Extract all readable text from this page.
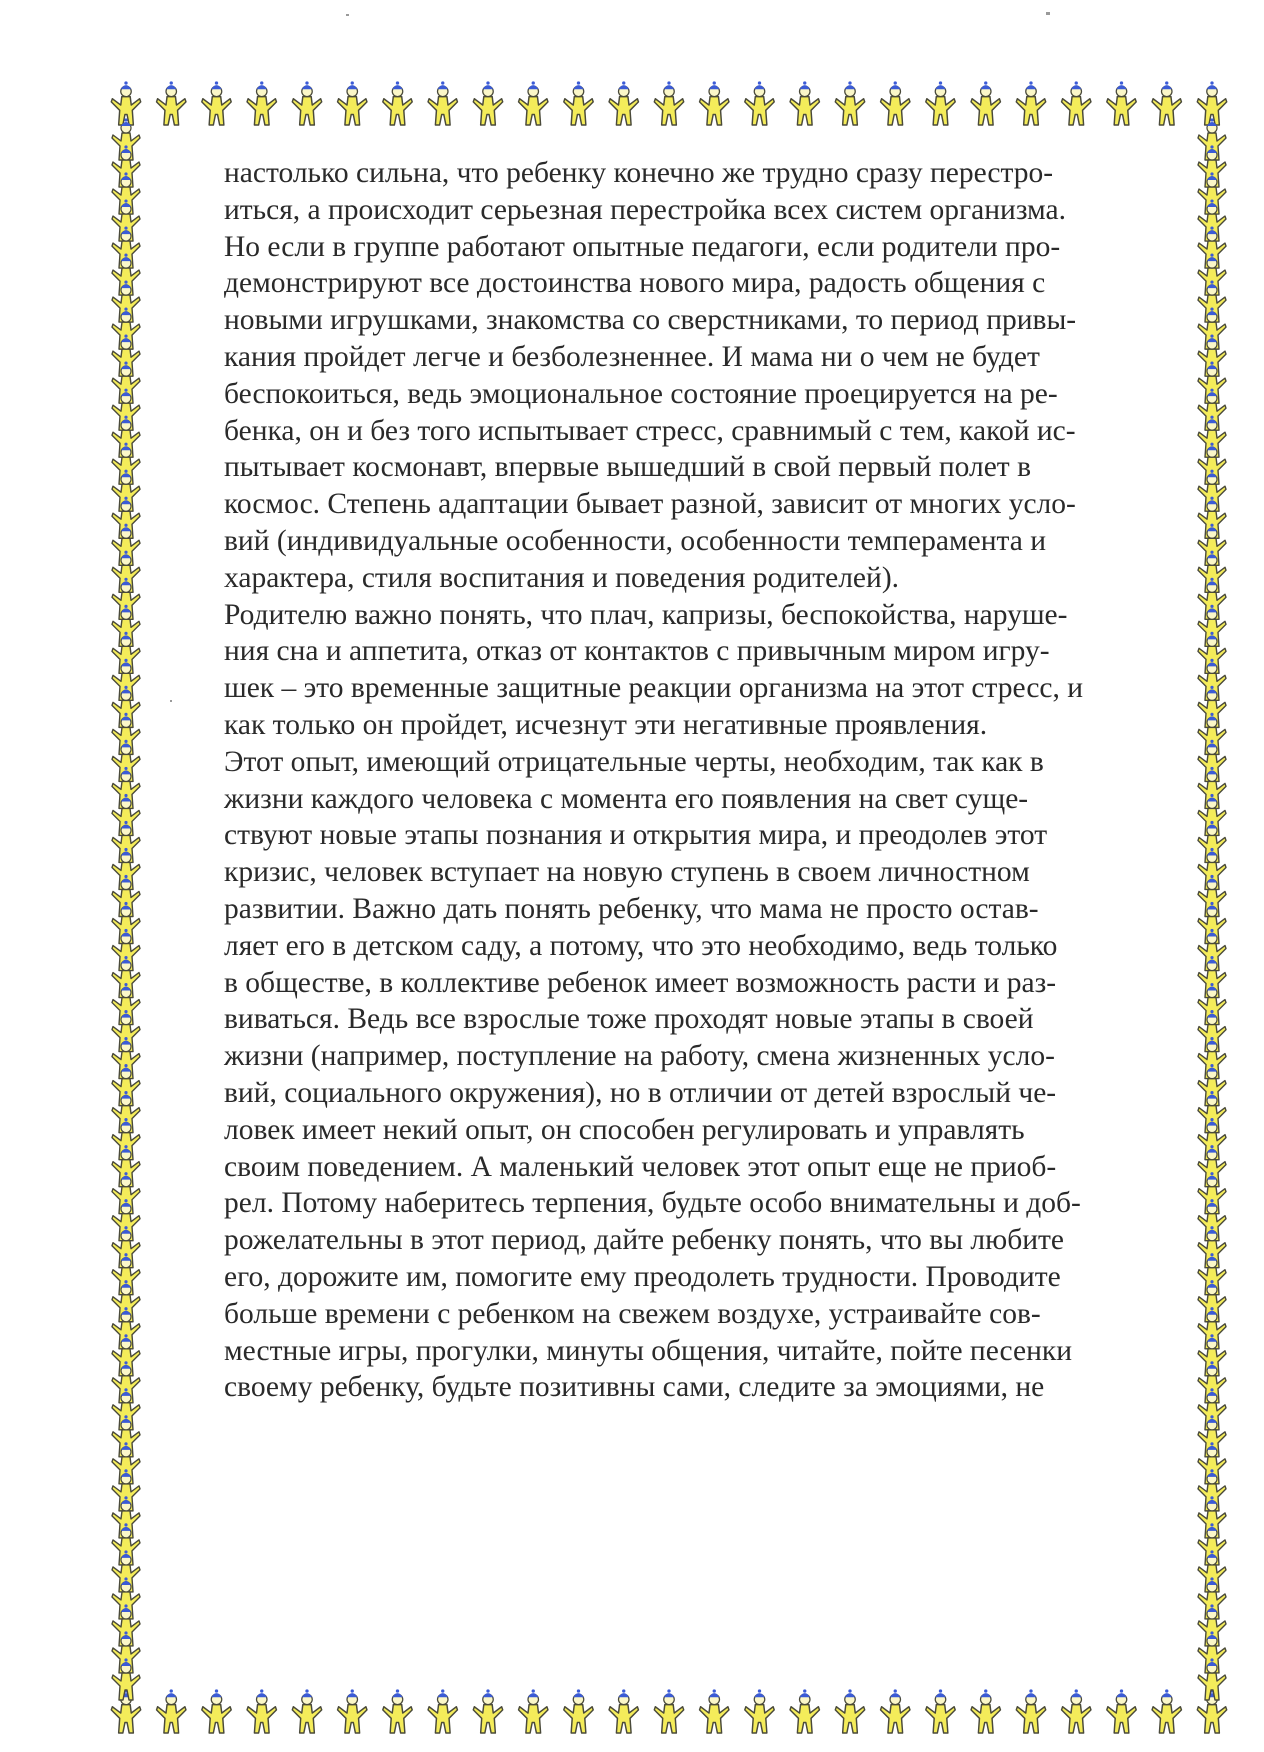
настолько сильна, что ребенку конечно же трудно сразу перестро-
иться, а происходит серьезная перестройка всех систем организма.
Но если в группе работают опытные педагоги, если родители про-
демонстрируют все достоинства нового мира, радость общения с
новыми игрушками, знакомства со сверстниками, то период привы-
кания пройдет легче и безболезненнее. И мама ни о чем не будет
беспокоиться, ведь эмоциональное состояние проецируется на ре-
бенка, он и без того испытывает стресс, сравнимый с тем, какой ис-
пытывает космонавт, впервые вышедший в свой первый полет в
космос. Степень адаптации бывает разной, зависит от многих усло-
вий (индивидуальные особенности, особенности темперамента и
характера, стиля воспитания и поведения родителей).
Родителю важно понять, что плач, капризы, беспокойства, наруше-
ния сна и аппетита, отказ от контактов с привычным миром игру-
шек – это временные защитные реакции организма на этот стресс, и
как только он пройдет, исчезнут эти негативные проявления.
Этот опыт, имеющий отрицательные черты, необходим, так как в
жизни каждого человека с момента его появления на свет суще-
ствуют новые этапы познания и открытия мира, и преодолев этот
кризис, человек вступает на новую ступень в своем личностном
развитии. Важно дать понять ребенку, что мама не просто остав-
ляет его в детском саду, а потому, что это необходимо, ведь только
в обществе, в коллективе ребенок имеет возможность расти и раз-
виваться. Ведь все взрослые тоже проходят новые этапы в своей
жизни (например, поступление на работу, смена жизненных усло-
вий, социального окружения), но в отличии от детей взрослый че-
ловек имеет некий опыт, он способен регулировать и управлять
своим поведением. А маленький человек этот опыт еще не приоб-
рел. Потому наберитесь терпения, будьте особо внимательны и доб-
рожелательны в этот период, дайте ребенку понять, что вы любите
его, дорожите им, помогите ему преодолеть трудности. Проводите
больше времени с ребенком на свежем воздухе, устраивайте сов-
местные игры, прогулки, минуты общения, читайте, пойте песенки
своему ребенку, будьте позитивны сами, следите за эмоциями, не
